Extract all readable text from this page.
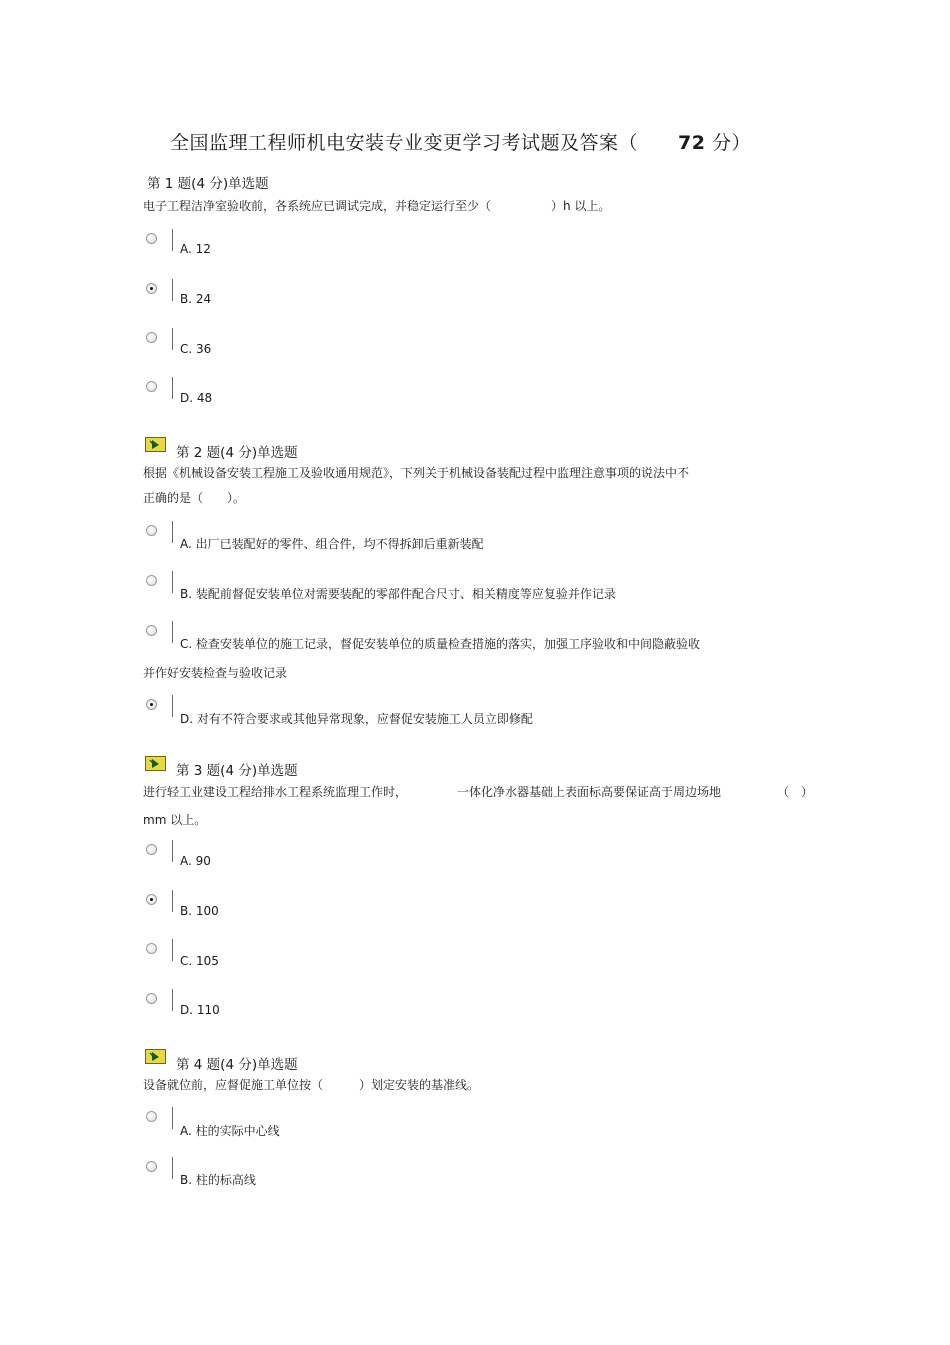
全国监理工程师机电安装专业变更学习考试题及答案（ 72 分）
第 1 题(4 分)单选题
电子工程洁净室验收前，各系统应已调试完成，并稳定运行至少（　　　　　）h 以上。
A. 12
B. 24
C. 36
D. 48
第 2 题(4 分)单选题
根据《机械设备安装工程施工及验收通用规范》，下列关于机械设备装配过程中监理注意事项的说法中不
正确的是（　　）。
A. 出厂已装配好的零件、组合件，均不得拆卸后重新装配
B. 装配前督促安装单位对需要装配的零部件配合尺寸、相关精度等应复验并作记录
C. 检查安装单位的施工记录，督促安装单位的质量检查措施的落实，加强工序验收和中间隐蔽验收
并作好安装检查与验收记录
D. 对有不符合要求或其他异常现象，应督促安装施工人员立即修配
第 3 题(4 分)单选题
进行轻工业建设工程给排水工程系统监理工作时，	一体化净水器基础上表面标高要保证高于周边场地	（　）
mm 以上。
A. 90
B. 100
C. 105
D. 110
第 4 题(4 分)单选题
设备就位前，应督促施工单位按（　　　）划定安装的基准线。
A. 柱的实际中心线
B. 柱的标高线
